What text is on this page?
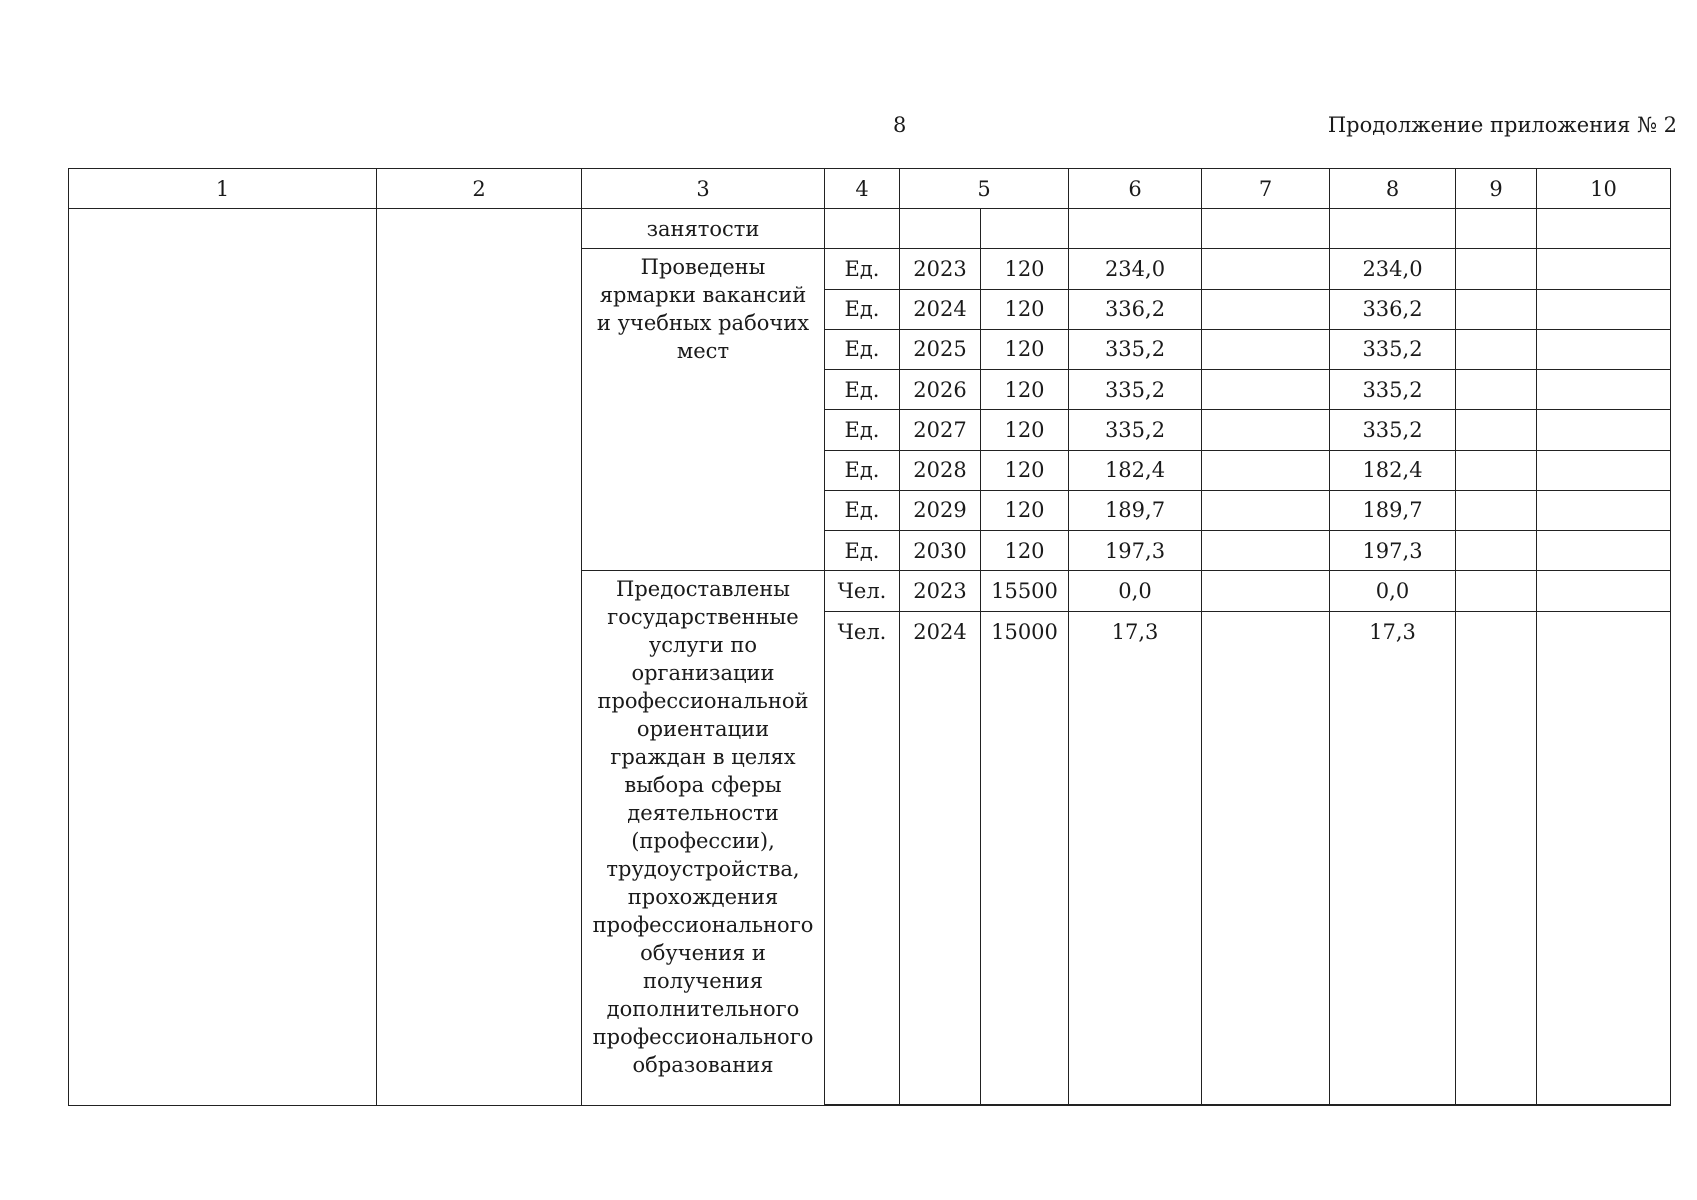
8	Продолжение приложения № 2
1	2	3	4	5		6	7	8	9	10
		занятости								
		Проведены ярмарки вакансий и учебных рабочих мест	Ед.	2023	120	234,0		234,0		
			Ед.	2024	120	336,2		336,2		
			Ед.	2025	120	335,2		335,2		
			Ед.	2026	120	335,2		335,2		
			Ед.	2027	120	335,2		335,2		
			Ед.	2028	120	182,4		182,4		
			Ед.	2029	120	189,7		189,7		
			Ед.	2030	120	197,3		197,3		
		Предоставлены государственные услуги по организации профессиональной ориентации граждан в целях выбора сферы деятельности (профессии), трудоустройства, прохождения профессионального обучения и получения дополнительного профессионального образования	Чел.	2023	15500	0,0		0,0		
			Чел.	2024	15000	17,3		17,3		
